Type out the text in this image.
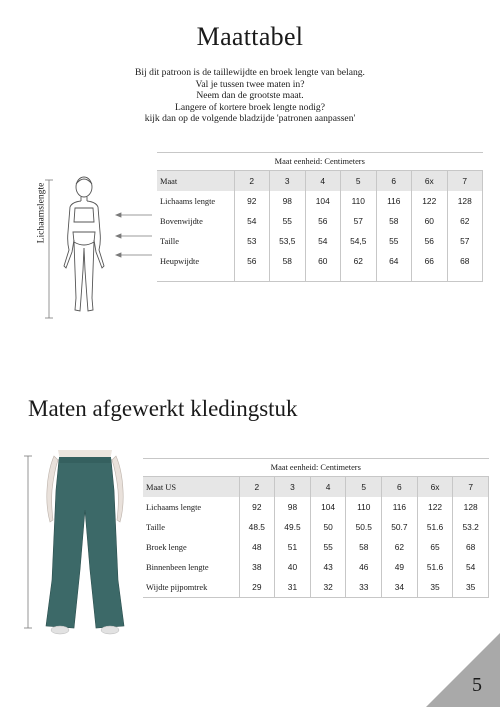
Maattabel
Bij dit patroon is de taillewijdte en broek lengte van belang.
Val je tussen twee maten in?
Neem dan de grootste maat.
Langere of kortere broek lengte nodig?
kijk dan op de volgende bladzijde 'patronen aanpassen'
Lichaamslengte
Maat eenheid: Centimeters							
Maat	2	3	4	5	6	6x	7
Lichaams lengte	92	98	104	110	116	122	128
Bovenwijdte	54	55	56	57	58	60	62
Taille	53	53,5	54	54,5	55	56	57
Heupwijdte	56	58	60	62	64	66	68

Maten afgewerkt kledingstuk
Maat eenheid: Centimeters							
Maat US	2	3	4	5	6	6x	7
Lichaams lengte	92	98	104	110	116	122	128
Taille	48.5	49.5	50	50.5	50.7	51.6	53.2
Broek lenge	48	51	55	58	62	65	68
Binnenbeen lengte	38	40	43	46	49	51.6	54
Wijdte pijpomtrek	29	31	32	33	34	35	35
5
